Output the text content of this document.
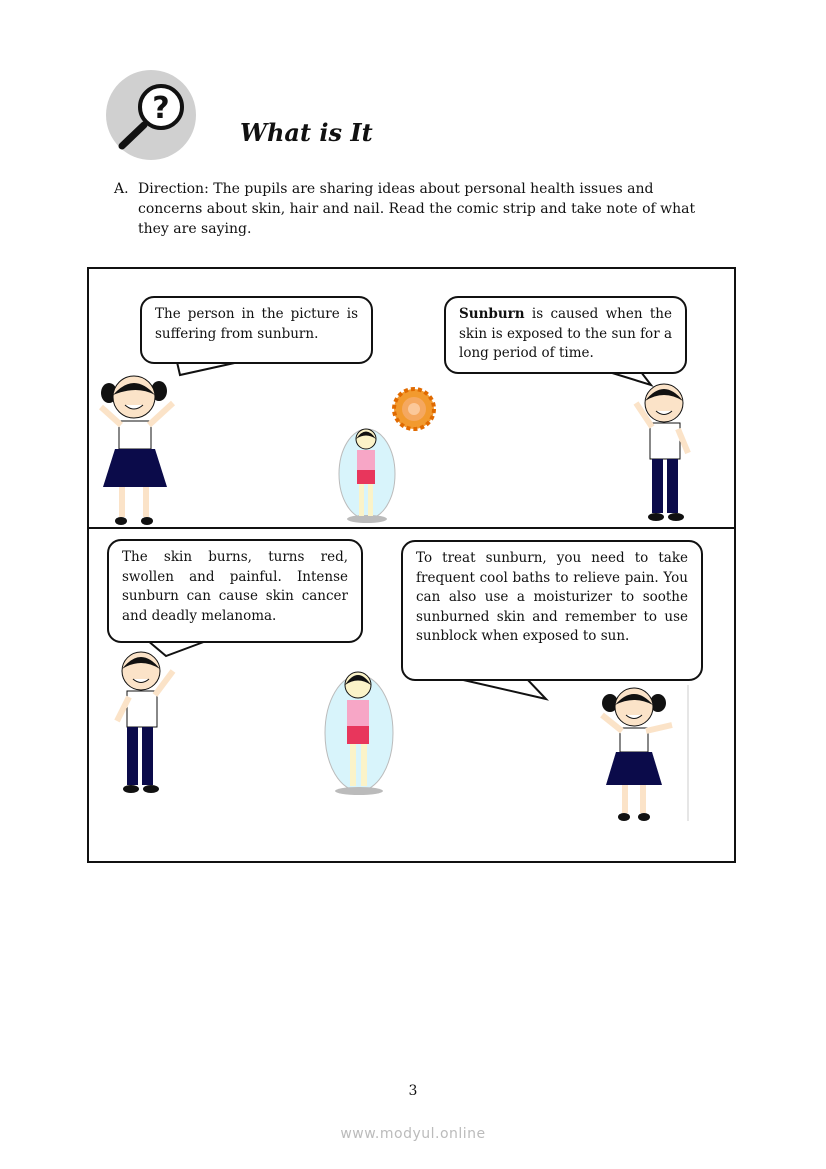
?
What is It
A. Direction: The pupils are sharing ideas about personal health issues and concerns about skin, hair and nail. Read the comic strip and take note of what they are saying.
The person in the picture is suffering from sunburn.
Sunburn is caused when the skin is exposed to the sun for a long period of time.
The skin burns, turns red, swollen and painful. Intense sunburn can cause skin cancer and deadly melanoma.
To treat sunburn, you need to take frequent cool baths to relieve pain. You can also use a moisturizer to soothe sunburned skin and remember to use sunblock when exposed to sun.
3
www.modyul.online
